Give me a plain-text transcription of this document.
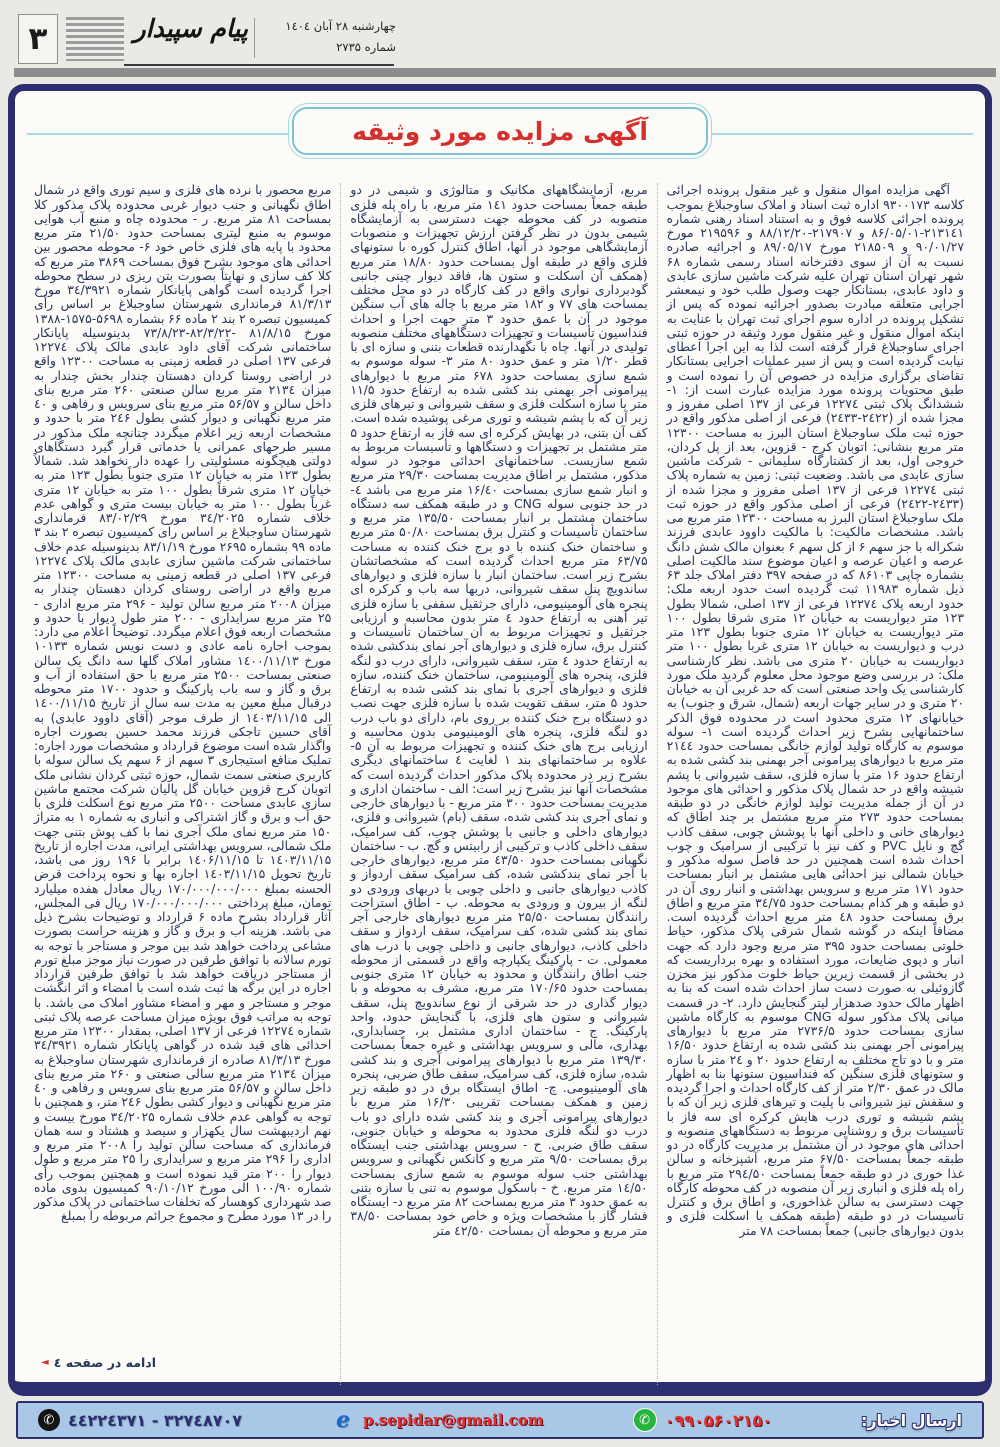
۳	پیام سپیدار	چهارشنبه ۲۸ آبان ۱٤۰٤
شماره ۲۷۳۵
آگهی مزایده مورد وثیقه

آگهی مزایده اموال منقول و غیر منقول پرونده اجرائی کلاسه ۹۳۰۰۱۷۳ اداره ثبت اسناد و املاک ساوجبلاغ بموجب پرونده اجرائی کلاسه فوق و به استناد اسناد رهنی شماره ۲۱۳۱٤۱-۸۶/۰۵/۰۱ و ۲۱۷۹۰۷-۸۸/۱۲/۲۰ و ۲۱۹۵۹۶ مورخ ۹۰/۰۱/۲۷ و ۲۱۸۵۰۹ مورخ ۸۹/۰۵/۱۷ و اجرائیه صادره نسبت به آن از سوی دفترخانه اسناد رسمی شماره ۶۸ شهر تهران استان تهران علیه شرکت ماشین سازی عابدی و داود عابدی، بستانکار جهت وصول طلب خود و نیمعشر اجرایی متعلقه مبادرت بصدور اجرائیه نموده که پس از تشکیل پرونده در اداره سوم اجرای ثبت تهران با عنایت به اینکه اموال منقول و غیر منقول مورد وثیقه در حوزه ثبتی اجرای ساوجبلاغ قرار گرفته است لذا به این اجرا اعطای نیابت گردیده است و پس از سیر عملیات اجرایی بستانکار تقاضای برگزاری مزایده در خصوص آن را نموده است و طبق محتویات پرونده مورد مزایده عبارت است از: ۱- ششدانگ پلاک ثبتی ۱۲۲۷٤ فرعی از ۱۳۷ اصلی مفروز و مجزا شده از (۲٤۲۲-۲٤۳۳) فرعی از اصلی مذکور واقع در حوزه ثبت ملک ساوجبلاغ استان البرز به مساحت ۱۲۳۰۰ متر مربع بنشانی: اتوبان کرج - قزوین، بعد از پل کردان، خروجی اول، بعد از کشتارگاه سلیمانی - شرکت ماشین سازی عابدی می باشد. وضعیت ثبتی: زمین به شماره پلاک ثبتی ۱۲۲۷٤ فرعی از ۱۳۷ اصلی مفروز و مجزا شده از (۲٤۳۳-۲٤۲۲) فرعی از اصلی مذکور واقع در حوزه ثبت ملک ساوجبلاغ استان البرز به مساحت ۱۲۳۰۰ متر مربع می باشد. مشخصات مالکیت: با مالکیت داوود عابدی فرزند شکراله با جز سهم ۶ از کل سهم ۶ بعنوان مالک شش دانگ عرصه و اعیان عرصه و اعیان موضوع سند مالکیت اصلی بشماره چاپی ۸۶۱۰۳ که در صفحه ۳۹۷ دفتر املاک جلد ۶۳ ذیل شماره ۱۱۹۸۳ ثبت گردیده است حدود اربعه ملک: حدود اربعه پلاک ۱۲۲۷٤ فرعی از ۱۳۷ اصلی، شمالا بطول ۱۲۳ متر دیواریست به خیابان ۱۲ متری شرقا بطول ۱۰۰ متر دیواریست به خیابان ۱۲ متری جنوبا بطول ۱۲۳ متر درب و دیواریست به خیابان ۱۲ متری غربا بطول ۱۰۰ متر دیواریست به خیابان ۲۰ متری می باشد. نظر کارشناسی ملک: در بررسی وضع موجود محل معلوم گردید ملک مورد کارشناسی یک واحد صنعتی است که حد غربی آن به خیابان ۲۰ متری و در سایر جهات اربعه (شمال، شرق و جنوب) به خیابانهای ۱۲ متری محدود است در محدوده فوق الذکر ساختمانهایی بشرح زیر احداث گردیده است ۱- سوله موسوم به کارگاه تولید لوازم خانگی بمساحت حدود ۲۱٤٤ متر مربع با دیوارهای پیرامونی آجر بهمنی بند کشی شده به ارتفاع حدود ۱۶ متر با سازه فلزی، سقف شیروانی با پشم شیشه واقع در حد شمال پلاک مذکور و احدائی های موجود در آن از جمله مدیریت تولید لوازم خانگی در دو طبقه بمساحت حدود ۲۷۳ متر مربع مشتمل بر چند اطاق که دیوارهای خانی و داخلی آنها با پوشش چوبی، سقف کاذب گچ و نایل PVC و کف نیز با ترکیبی از سرامیک و چوب احداث شده است همچنین در حد فاصل سوله مذکور و خیابان شمالی نیز احدائی هایی مشتمل بر انبار بمساحت حدود ۱۷۱ متر مربع و سرویس بهداشتی و انبار روی آن در دو طبقه و هر کدام بمساحت حدود ۳٤/۷۵ متر مربع و اطاق برق بمساحت حدود ٤۸ متر مربع احداث گردیده است. مضافاً اینکه در گوشه شمال شرقی پلاک مذکور، حیاط خلوتی بمساحت حدود ۳۹۵ متر مربع وجود دارد که جهت انبار و دپوی ضایعات، مورد استفاده و بهره برداریست که در بخشی از قسمت زیرین حیاط خلوت مذکور نیز مخزن گازوئیلی به صورت دست ساز احداث شده است که بنا به اظهار مالک حدود صدهزار لیتر گنجایش دارد. ۲- در قسمت میانی پلاک مذکور سوله CNG موسوم به کارگاه ماشین سازی بمساحت حدود ۲۷۳۶/۵ متر مربع با دیوارهای پیرامونی آجر بهمنی بند کشی شده به ارتفاع حدود ۱۶/۵۰ متر و با دو تاج مختلف به ارتفاع حدود ۲۰ و ۲٤ متر با سازه و ستونهای فلزی سنگین که فنداسیون ستونها بنا به اظهار مالک در عمق ۲/۳۰ متر از کف کارگاه احداث و اجرا گردیده و سقفش نیز شیروانی با پلیت و تیرهای فلزی زیر آن که با پشم شیشه و توری درب هایش کرکره ای سه فاز با تأسیسات برق و روشنایی مربوط به دستگاههای منصوبه و احدائی های موجود در آن مشتمل بر مدیریت کارگاه در دو طبقه جمعاً بمساحت ۶۷/۵۰ متر مربع، آشپزخانه و سالن غذا خوری در دو طبقه جمعاً بمساحت ۲۹٤/۵۰ متر مربع با راه پله فلزی و انباری زیر آن منصوبه در کف محوطه کارگاه جهت دسترسی به سالن غذاخوری، و اطاق برق و کنترل تأسیسات در دو طبقه (طبقه همکف با اسکلت فلزی و بدون دیوارهای جانبی) جمعاً بمساحت ۷۸ متر

مربع، آزمایشگاههای مکانیک و متالوژی و شیمی در دو طبقه جمعاً بمساحت حدود ۱٤۱ متر مربع، با راه پله فلزی منصوبه در کف محوطه جهت دسترسی به آزمایشگاه شیمی بدون در نظر گرفتن ارزش تجهیزات و منصوبات آزمایشگاهی موجود در آنها، اطاق کنترل کوره با ستونهای فلزی واقع در طبقه اول بمساحت حدود ۱۸/۸۰ متر مربع (همکف آن اسکلت و ستون ها، فاقد دیوار چینی جانبی گودبرداری نواری واقع در کف کارگاه در دو محل مختلف بمساحت های ۷۷ و ۱۸۲ متر مربع با چاله های آب سنگین موجود در آن با عمق حدود ۳ متر جهت اجرا و احداث فنداسیون تأسیسات و تجهیزات دستگاههای مختلف منصوبه تولیدی در آنها. چاه با نگهدارنده قطعات بتنی و سازه ای با قطر ۱/۲۰ متر و عمق حدود ۸۰ متر ۳- سوله موسوم به شمع سازی بمساحت حدود ۶۷۸ متر مربع با دیوارهای پیرامونی آجر بهمنی بند کشی شده به ارتفاع حدود ۱۱/۵ متر با سازه اسکلت فلزی و سقف شیروانی و تیرهای فلزی زیر آن که با پشم شیشه و توری مرغی پوشیده شده است. کف آن بتنی، در بهایش کرکره ای سه فاز به ارتفاع حدود ۵ متر مشتمل بر تجهیزات و دستگاهها و تأسیسات مربوط به شمع سازیست. ساختمانهای احدائی موجود در سوله مذکور، مشتمل بر اطاق مدیریت بمساحت ۲۹/۳۰ متر مربع و انبار شمع سازی بمساحت ۱۶/٤۰ متر مربع می باشد ٤- در حد جنوبی سوله CNG و در طبقه همکف سه دستگاه ساختمان مشتمل بر انبار بمساحت ۱۳۵/۵۰ متر مربع و ساختمان تأسیسات و کنترل برق بمساحت ۵۰/۸۰ متر مربع و ساختمان خنک کننده با دو برج خنک کننده به مساحت ۶۳/۷۵ متر مربع احداث گردیده است که مشخصاتشان بشرح زیر است. ساختمان انبار با سازه فلزی و دیوارهای ساندویچ پنل سقف شیروانی، دربها سه باب و کرکره ای پنجره های آلومینیومی، دارای جرثقیل سقفی با سازه فلزی تیر آهنی به ارتفاع حدود ٤ متر بدون محاسبه و ارزیابی جرثقیل و تجهیزات مربوط به آن ساختمان تأسیسات و کنترل برق، سازه فلزی و دیوارهای آجر نمای بندکشی شده به ارتفاع حدود ٤ متر، سقف شیروانی، دارای درب دو لنگه فلزی، پنجره های آلومینیومی، ساختمان خنک کننده، سازه فلزی و دیوارهای آجری با نمای بند کشی شده به ارتفاع حدود ۵ متر، سقف تقویت شده با سازه فلزی جهت نصب دو دستگاه برج خنک کننده بر روی بام، دارای دو باب درب دو لنگه فلزی، پنجره های آلومینیومی بدون محاسبه و ارزیابی برج های خنک کننده و تجهیزات مربوط به آن ۵- علاوه بر ساختمانهای بند ۱ لغایت ٤ ساختمانهای دیگری بشرح زیر در محدوده پلاک مذکور احداث گردیده است که مشخصات آنها نیز بشرح زیر است: الف - ساختمان اداری و مدیریت بمساحت حدود ۳۰۰ متر مربع - با دیوارهای خارجی و نمای آجری بند کشی شده، سقف (بام) شیروانی و فلزی، دیوارهای داخلی و جانبی با پوشش چوب، کف سرامیک، سقف داخلی کاذب و ترکیبی از رابیتس و گچ. ب - ساختمان نگهبانی بمساحت حدود ٤۳/۵۰ متر مربع، دیوارهای خارجی با آجر نمای بندکشی شده، کف سرامیک سقف اردواز و کاذب دیوارهای جانبی و داخلی چوبی با دربهای ورودی دو لنگه از بیرون و ورودی به محوطه. ب - اطاق استراحت رانندگان بمساحت ۲۵/۵۰ متر مربع دیوارهای خارجی آجر نمای بند کشی شده، کف سرامیک، سقف اردواز و سقف داخلی کاذب، دیوارهای جانبی و داخلی چوبی با درب های معمولی. ت - پارکینگ یکپارچه واقع در قسمتی از محوطه جنب اطاق رانندگان و محدود به خیابان ۱۲ متری جنوبی بمساحت حدود ۱۷۰/۶۵ متر مربع، مشرف به محوطه و با دیوار گذاری در حد شرقی از نوع ساندویچ پنل، سقف شیروانی و ستون های فلزی، با گنجایش حدود، واحد پارکینگ. ج - ساختمان اداری مشتمل بر، حسابداری، بهداری، مالی و سرویس بهداشتی و غیره جمعاً بمساحت ۱۳۹/۳۰ متر مربع با دیوارهای پیرامونی آجری و بند کشی شده، سازه فلزی، کف سرامیک، سقف طاق ضربی، پنجره های آلومینیومی. چ- اطاق ایستگاه برق در دو طبقه زیر زمین و همکف بمساحت تقریبی ۱۶/۳۰ متر مربع با دیوارهای پیرامونی آجری و بند کشی شده دارای دو باب درب دو لنگه فلزی محدود به محوطه و خیابان جنوبی، سقف طاق ضربی. ح - سرویس بهداشتی جنب ایستگاه برق بمساحت ۹/۵۰ متر مربع و کانکس نگهبانی و سرویس بهداشتی جنب سوله موسوم به شمع سازی بمساحت ۱٤/۵۰ متر مربع. خ - باسکول موسوم به تنی با سازه بتنی به عمق حدود ۳ متر مربع بمساحت ۸۲ متر مربع د- ایستگاه فشار گاز با مشخصات ویژه و خاص خود بمساحت ۳۸/۵۰ متر مربع و محوطه آن بمساحت ٤۲/۵۰ متر

مربع محصور با نرده های فلزی و سیم توری واقع در شمال اطاق نگهبانی و جنب دیوار غربی محدوده پلاک مذکور کلا بمساحت ۸۱ متر مربع. ر - محدوده چاه و منبع آب هوایی موسوم به منبع لیتری بمساحت حدود ۲۱/۵۰ متر مربع محدود با پایه های فلزی خاص خود ۶- محوطه محصور بین احدائی های موجود بشرح فوق بمساحت ۳۸۶۹ متر مربع که کلا کف سازی و نهایتاً بصورت بتن ریزی در سطح محوطه اجرا گردیده است گواهی پایانکار شماره ۳٤/۳۹۲۱ مورخ ۸۱/۳/۱۳ فرمانداری شهرستان ساوجبلاغ بر اساس رأی کمیسیون تبصره ۲ بند ۲ ماده ۶۶ بشماره ۵۶۹۸-۱۵۷۵-۱۳۸۸ مورخ ۸۱/۸/۱۵ -۸۲/۳/۲۲-۷۳/۸/۲۳ بدینوسیله پایانکار ساختمانی شرکت آقای داود عابدی مالک پلاک ۱۲۲۷٤ فرعی ۱۳۷ اصلی در قطعه زمینی به مساحت ۱۲۳۰۰ واقع در اراضی روستا کردان دهستان چندار بخش چندار به میزان ۲۱۳٤ متر مربع سالن صنعتی ۲۶۰ متر مربع بنای داخل سالن و ۵۶/۵۷ متر مربع بنای سرویس و رفاهی و ٤۰ متر مربع نگهبانی و دیوار کشی بطول ۲٤۶ متر با حدود و مشخصات اربعه زیر اعلام میگردد چنانچه ملک مذکور در مسیر طرحهای عمرانی یا خدماتی قرار گیرد دستگاهای دولتی هیچگونه مسئولیتی را عهده دار نخواهد شد. شمالاً بطول ۱۲۳ متر به خیابان ۱۲ متری جنوباً بطول ۱۲۳ متر به خیابان ۱۲ متری شرقاً بطول ۱۰۰ متر به خیابان ۱۲ متری غرباً بطول ۱۰۰ متر به خیابان بیست متری و گواهی عدم خلاف شماره ۳٤/۲۰۲۵ مورخ ۸۳/۰۲/۲۹ فرمانداری شهرستان ساوجبلاغ بر اساس رای کمیسیون تبصره ۲ بند ۳ ماده ۹۹ بشماره ۲۶۹۵ مورخ ۸۳/۱/۱۹ بدینوسیله عدم خلاف ساختمانی شرکت ماشین سازی عابدی مالک پلاک ۱۲۲۷٤ فرعی ۱۳۷ اصلی در قطعه زمینی به مساحت ۱۲۳۰۰ متر مربع واقع در اراضی روستای کردان دهستان چندار به میزان ۲۰۰۸ متر مربع سالن تولید - ۲۹۶ متر مربع اداری - ۲۵ متر مربع سرایداری - ۲۰۰ متر طول دیوار با حدود و مشخصات اربعه فوق اعلام میگردد. توضیحاً اعلام می دارد: بموجب اجاره نامه عادی و دست نویس شماره ۱۰۱۳۳ مورخ ۱٤۰۰/۱۱/۱۳ مشاور املاک گلها سه دانگ یک سالن صنعتی بمساحت ۲۵۰۰ متر مربع با حق استفاده از آب و برق و گاز و سه باب پارکینگ و حدود ۱۷۰۰ متر محوطه درقبال مبلغ معین به مدت سه سال از تاریخ ۱٤۰۰/۱۱/۱۵ الی ۱٤۰۳/۱۱/۱۵ از طرف موجر (آقای داوود عابدی) به آقای حسین تاجکی فرزند محمد حسین بصورت اجاره واگذار شده است موضوع قرارداد و مشخصات مورد اجاره: تملیک منافع استیجاری ۳ سهم از ۶ سهم یک سالن سوله با کاربری صنعتی سمت شمال، حوزه ثبتی کردان نشانی ملک اتوبان کرج قزوین خیابان گل پالیان شرکت مجتمع ماشین سازی عابدی مساحت ۲۵۰۰ متر مربع نوع اسکلت فلزی با حق آب و برق و گاز اشتراکی و انباری به شماره ۱ به متراژ ۱۵۰ متر مربع نمای ملک آجری نما با کف پوش بتنی جهت ملک شمالی، سرویس بهداشتی ایرانی، مدت اجاره از تاریخ ۱٤۰۳/۱۱/۱۵ تا ۱٤۰۶/۱۱/۱۵ برابر با ۱۹۶ روز می باشد، تاریخ تحویل ۱٤۰۳/۱۱/۱۵ اجاره بها و نحوه پرداخت قرض الحسنه بمبلغ ۱۷۰/۰۰۰/۰۰۰/۰۰۰ ریال معادل هفده میلیارد تومان، مبلغ پرداختی ۱۷۰/۰۰۰/۰۰۰/۰۰۰ ریال فی المجلس، آثار قرارداد بشرح ماده ۶ قرارداد و توضیحات بشرح ذیل می باشد. هزینه آب و برق و گاز و هزینه حراست بصورت مشاعی پرداخت خواهد شد بین موجر و مستاجر با توجه به تورم سالانه با توافق طرفین در صورت نیاز موجز مبلغ تورم از مستاجر دریافت خواهد شد با توافق طرفین قرارداد اجاره در این برگه ها ثبت شده است با امضاء و اثر انگشت موجر و مستاجر و مهر و امضاء مشاور املاک می باشد. با توجه به مراتب فوق بویژه میزان مساحت عرصه پلاک ثبتی شماره ۱۲۲۷٤ فرعی از ۱۳۷ اصلی، بمقدار ۱۲۳۰۰ متر مربع احدائی های قید شده در گواهی پایانکار شماره ۳٤/۳۹۲۱ مورخ ۸۱/۳/۱۳ صادره از فرمانداری شهرستان ساوجبلاغ به میزان ۲۱۳٤ متر مربع سالی صنعتی و ۲۶۰ متر مربع بنای داخل سالن و ۵۶/۵۷ متر مربع بنای سرویس و رفاهی و ٤۰ متر مربع نگهبانی و دیوار کشی بطول ۲٤۶ متر، و همچنین با توجه به گواهی عدم خلاف شماره ۳٤/۲۰۲۵ مورخ بیست و نهم اردیبهشت سال یکهزار و سیصد و هشتاد و سه همان فرمانداری که مساحت سالن تولید را ۲۰۰۸ متر مربع و اداری را ۲۹۶ متر مربع و سرایداری را ۲۵ متر مربع و طول دیوار را ۲۰۰ متر قید نموده است و همچنین بموجب رأی شماره ۱۰۰/۹۰ الی مورخ ۹۰/۱۰/۱۲ کمیسیون بدوی ماده صد شهرداری کوهسار که تخلفات ساختمانی در پلاک مذکور را در ۱۳ مورد مطرح و مجموع جرائم مربوطه را بمبلغ

ادامه در صفحه ٤
◄
ارسال اخبار:
۰۹۹۰۵۶۰۲۱۵۰
✆
p.sepidar@gmail.com
e
۳۲۷٤۸۷۰۷ - ٤٤۲۲٤۳۷۱
✆
